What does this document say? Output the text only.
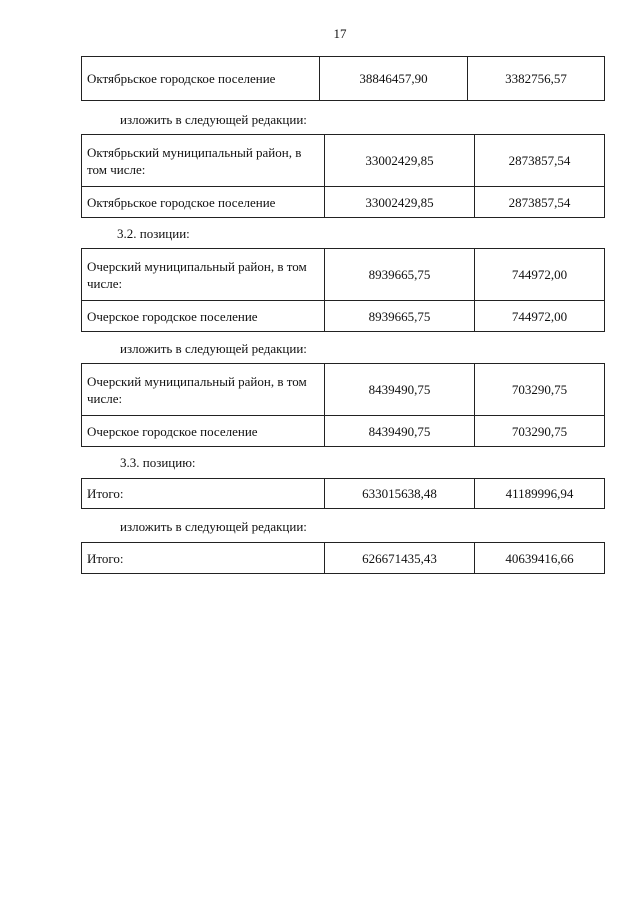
17
Октябрьское городское поселение	38846457,90	3382756,57
изложить в следующей редакции:
Октябрьский муниципальный район, в том числе:	33002429,85	2873857,54
Октябрьское городское поселение	33002429,85	2873857,54
3.2. позиции:
Очерский муниципальный район, в том числе:	8939665,75	744972,00
Очерское городское поселение	8939665,75	744972,00
изложить в следующей редакции:
Очерский муниципальный район, в том числе:	8439490,75	703290,75
Очерское городское поселение	8439490,75	703290,75
3.3. позицию:
Итого:	633015638,48	41189996,94
изложить в следующей редакции:
Итого:	626671435,43	40639416,66
